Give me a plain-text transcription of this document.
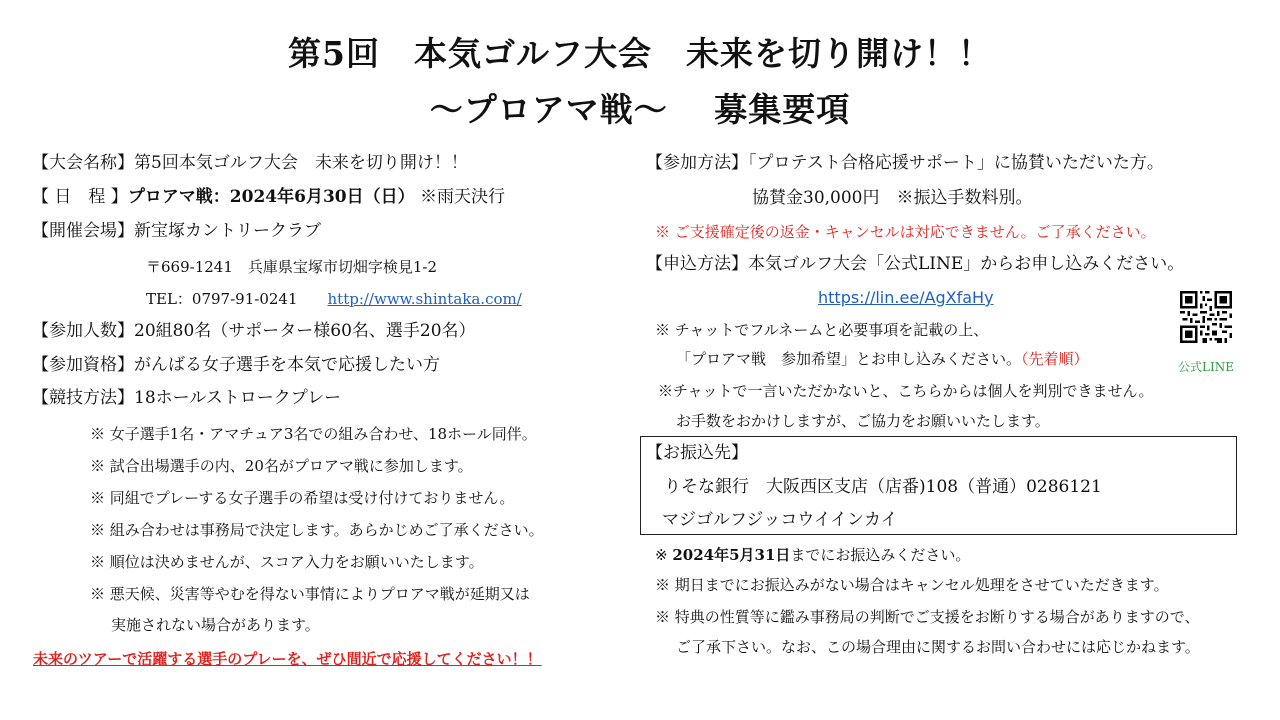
第5回　本気ゴルフ大会　未来を切り開け！！
～プロアマ戦～　 募集要項
【大会名称】第5回本気ゴルフ大会　未来を切り開け！！
【 日　程 】プロアマ戦：2024年6月30日（日） ※雨天決行
【開催会場】新宝塚カントリークラブ
〒669-1241　兵庫県宝塚市切畑字検見1-2
TEL：0797-91-0241 http://www.shintaka.com/
【参加人数】20組80名（サポーター様60名、選手20名）
【参加資格】がんばる女子選手を本気で応援したい方
【競技方法】18ホールストロークプレー
※ 女子選手1名・アマチュア3名での組み合わせ、18ホール同伴。
※ 試合出場選手の内、20名がプロアマ戦に参加します。
※ 同組でプレーする女子選手の希望は受け付けておりません。
※ 組み合わせは事務局で決定します。あらかじめご了承ください。
※ 順位は決めませんが、スコア入力をお願いいたします。
※ 悪天候、災害等やむを得ない事情によりプロアマ戦が延期又は
実施されない場合があります。
未来のツアーで活躍する選手のプレーを、ぜひ間近で応援してください！！
【参加方法】「プロテスト合格応援サポート」に協賛いただいた方。
協賛金30,000円　※振込手数料別。
※ ご支援確定後の返金・キャンセルは対応できません。ご了承ください。
【申込方法】本気ゴルフ大会「公式LINE」からお申し込みください。
https://lin.ee/AgXfaHy
公式LINE
※ チャットでフルネームと必要事項を記載の上、
「プロアマ戦　参加希望」とお申し込みください。（先着順）
※チャットで一言いただかないと、こちらからは個人を判別できません。
お手数をおかけしますが、ご協力をお願いいたします。
【お振込先】
りそな銀行　大阪西区支店（店番)108（普通）0286121
マジゴルフジッコウイインカイ
※ 2024年5月31日までにお振込みください。
※ 期日までにお振込みがない場合はキャンセル処理をさせていただきます。
※ 特典の性質等に鑑み事務局の判断でご支援をお断りする場合がありますので、
ご了承下さい。なお、この場合理由に関するお問い合わせには応じかねます。
